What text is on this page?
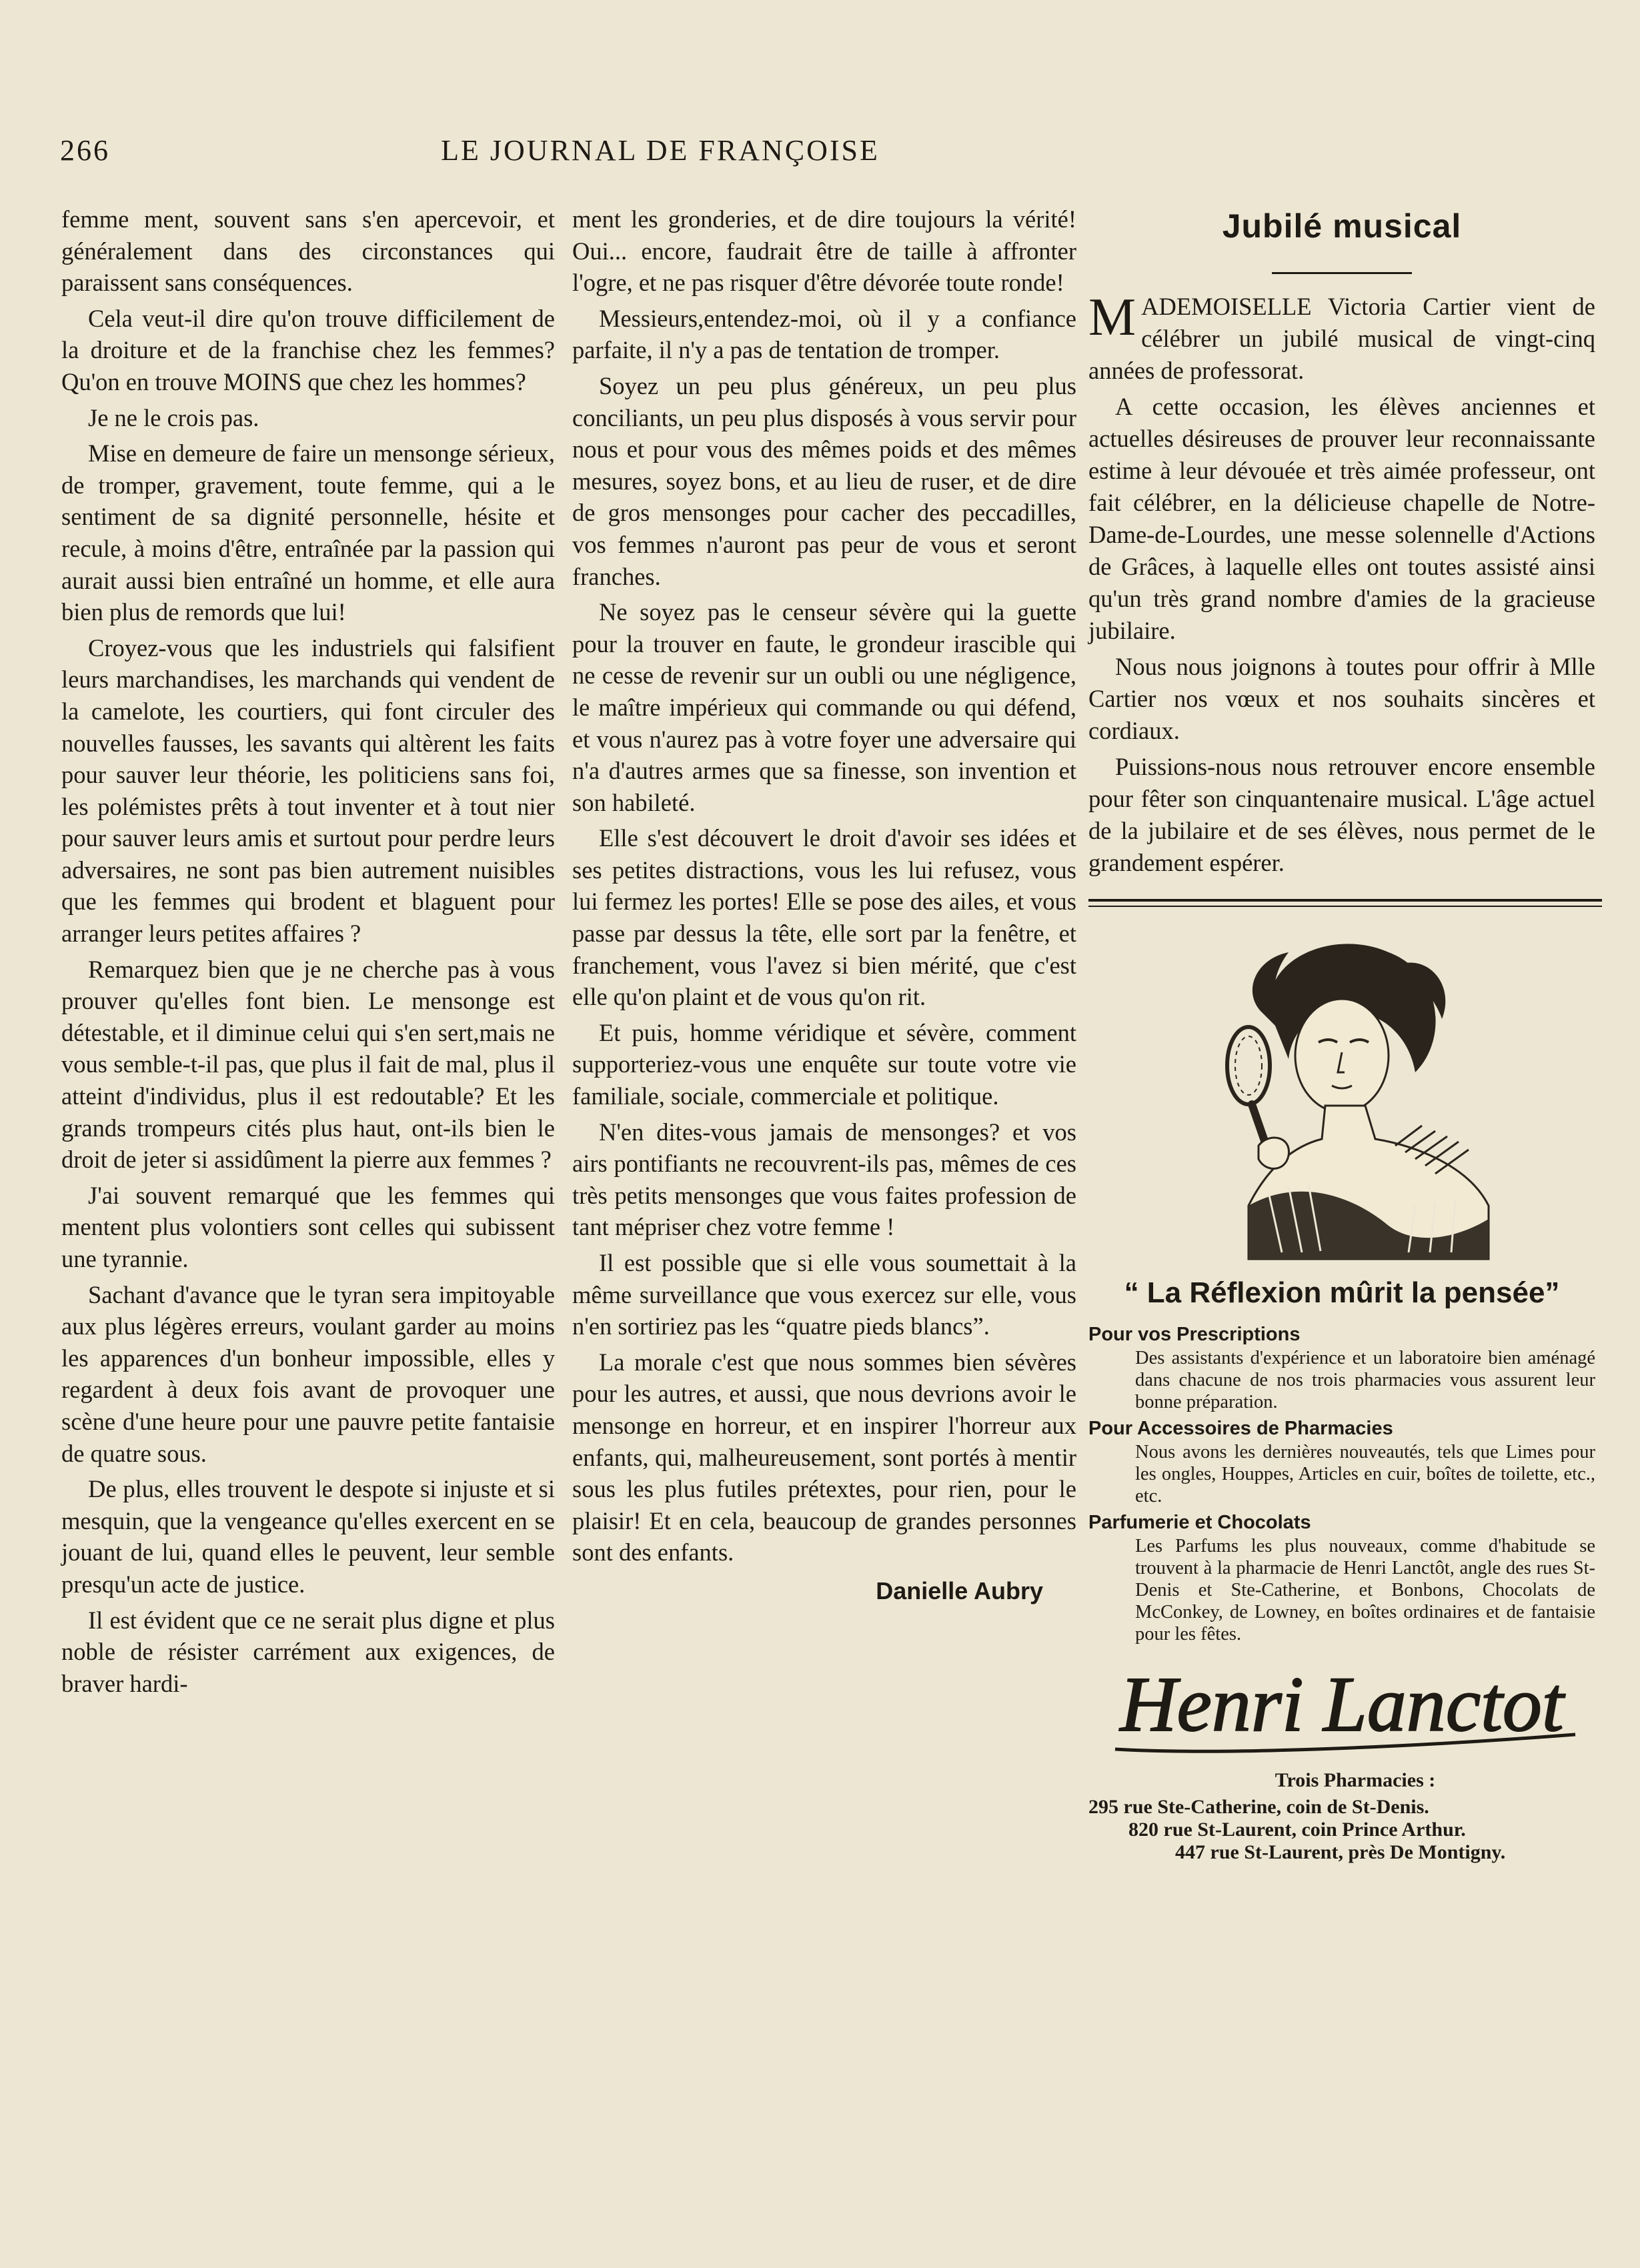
266	LE JOURNAL DE FRANÇOISE

femme ment, souvent sans s'en apercevoir, et généralement dans des circonstances qui paraissent sans conséquences.

Cela veut-il dire qu'on trouve difficilement de la droiture et de la franchise chez les femmes? Qu'on en trouve MOINS que chez les hommes?

Je ne le crois pas.

Mise en demeure de faire un mensonge sérieux, de tromper, gravement, toute femme, qui a le sentiment de sa dignité personnelle, hésite et recule, à moins d'être, entraînée par la passion qui aurait aussi bien entraîné un homme, et elle aura bien plus de remords que lui!

Croyez-vous que les industriels qui falsifient leurs marchandises, les marchands qui vendent de la camelote, les courtiers, qui font circuler des nouvelles fausses, les savants qui altèrent les faits pour sauver leur théorie, les politiciens sans foi, les polémistes prêts à tout inventer et à tout nier pour sauver leurs amis et surtout pour perdre leurs adversaires, ne sont pas bien autrement nuisibles que les femmes qui brodent et blaguent pour arranger leurs petites affaires ?

Remarquez bien que je ne cherche pas à vous prouver qu'elles font bien. Le mensonge est détestable, et il diminue celui qui s'en sert,mais ne vous semble-t-il pas, que plus il fait de mal, plus il atteint d'individus, plus il est redoutable? Et les grands trompeurs cités plus haut, ont-ils bien le droit de jeter si assidûment la pierre aux femmes ?

J'ai souvent remarqué que les femmes qui mentent plus volontiers sont celles qui subissent une tyrannie.

Sachant d'avance que le tyran sera impitoyable aux plus légères erreurs, voulant garder au moins les apparences d'un bonheur impossible, elles y regardent à deux fois avant de provoquer une scène d'une heure pour une pauvre petite fantaisie de quatre sous.

De plus, elles trouvent le despote si injuste et si mesquin, que la vengeance qu'elles exercent en se jouant de lui, quand elles le peuvent, leur semble presqu'un acte de justice.

Il est évident que ce ne serait plus digne et plus noble de résister carrément aux exigences, de braver hardi-

ment les gronderies, et de dire toujours la vérité! Oui... encore, faudrait être de taille à affronter l'ogre, et ne pas risquer d'être dévorée toute ronde!

Messieurs,entendez-moi, où il y a confiance parfaite, il n'y a pas de tentation de tromper.

Soyez un peu plus généreux, un peu plus conciliants, un peu plus disposés à vous servir pour nous et pour vous des mêmes poids et des mêmes mesures, soyez bons, et au lieu de ruser, et de dire de gros mensonges pour cacher des peccadilles, vos femmes n'auront pas peur de vous et seront franches.

Ne soyez pas le censeur sévère qui la guette pour la trouver en faute, le grondeur irascible qui ne cesse de revenir sur un oubli ou une négligence, le maître impérieux qui commande ou qui défend, et vous n'aurez pas à votre foyer une adversaire qui n'a d'autres armes que sa finesse, son invention et son habileté.

Elle s'est découvert le droit d'avoir ses idées et ses petites distractions, vous les lui refusez, vous lui fermez les portes! Elle se pose des ailes, et vous passe par dessus la tête, elle sort par la fenêtre, et franchement, vous l'avez si bien mérité, que c'est elle qu'on plaint et de vous qu'on rit.

Et puis, homme véridique et sévère, comment supporteriez-vous une enquête sur toute votre vie familiale, sociale, commerciale et politique.

N'en dites-vous jamais de mensonges? et vos airs pontifiants ne recouvrent-ils pas, mêmes de ces très petits mensonges que vous faites profession de tant mépriser chez votre femme !

Il est possible que si elle vous soumettait à la même surveillance que vous exercez sur elle, vous n'en sortiriez pas les “quatre pieds blancs”.

La morale c'est que nous sommes bien sévères pour les autres, et aussi, que nous devrions avoir le mensonge en horreur, et en inspirer l'horreur aux enfants, qui, malheureusement, sont portés à mentir sous les plus futiles prétextes, pour rien, pour le plaisir! Et en cela, beaucoup de grandes personnes sont des enfants.

Danielle Aubry

Jubilé musical

MADEMOISELLE Victoria Cartier vient de célébrer un jubilé musical de vingt-cinq années de professorat.

A cette occasion, les élèves anciennes et actuelles désireuses de prouver leur reconnaissante estime à leur dévouée et très aimée professeur, ont fait célébrer, en la délicieuse chapelle de Notre-Dame-de-Lourdes, une messe solennelle d'Actions de Grâces, à laquelle elles ont toutes assisté ainsi qu'un très grand nombre d'amies de la gracieuse jubilaire.

Nous nous joignons à toutes pour offrir à Mlle Cartier nos vœux et nos souhaits sincères et cordiaux.

Puissions-nous nous retrouver encore ensemble pour fêter son cinquantenaire musical. L'âge actuel de la jubilaire et de ses élèves, nous permet de le grandement espérer.

“ La Réflexion mûrit la pensée”

Pour vos Prescriptions

Des assistants d'expérience et un laboratoire bien aménagé dans chacune de nos trois pharmacies vous assurent leur bonne préparation.

Pour Accessoires de Pharmacies

Nous avons les dernières nouveautés, tels que Limes pour les ongles, Houppes, Articles en cuir, boîtes de toilette, etc., etc.

Parfumerie et Chocolats

Les Parfums les plus nouveaux, comme d'habitude se trouvent à la pharmacie de Henri Lanctôt, angle des rues St-Denis et Ste-Catherine, et Bonbons, Chocolats de McConkey, de Lowney, en boîtes ordinaires et de fantaisie pour les fêtes.

Henri Lanctot
Trois Pharmacies :
295 rue Ste-Catherine, coin de St-Denis.
820 rue St-Laurent, coin Prince Arthur.
447 rue St-Laurent, près De Montigny.
